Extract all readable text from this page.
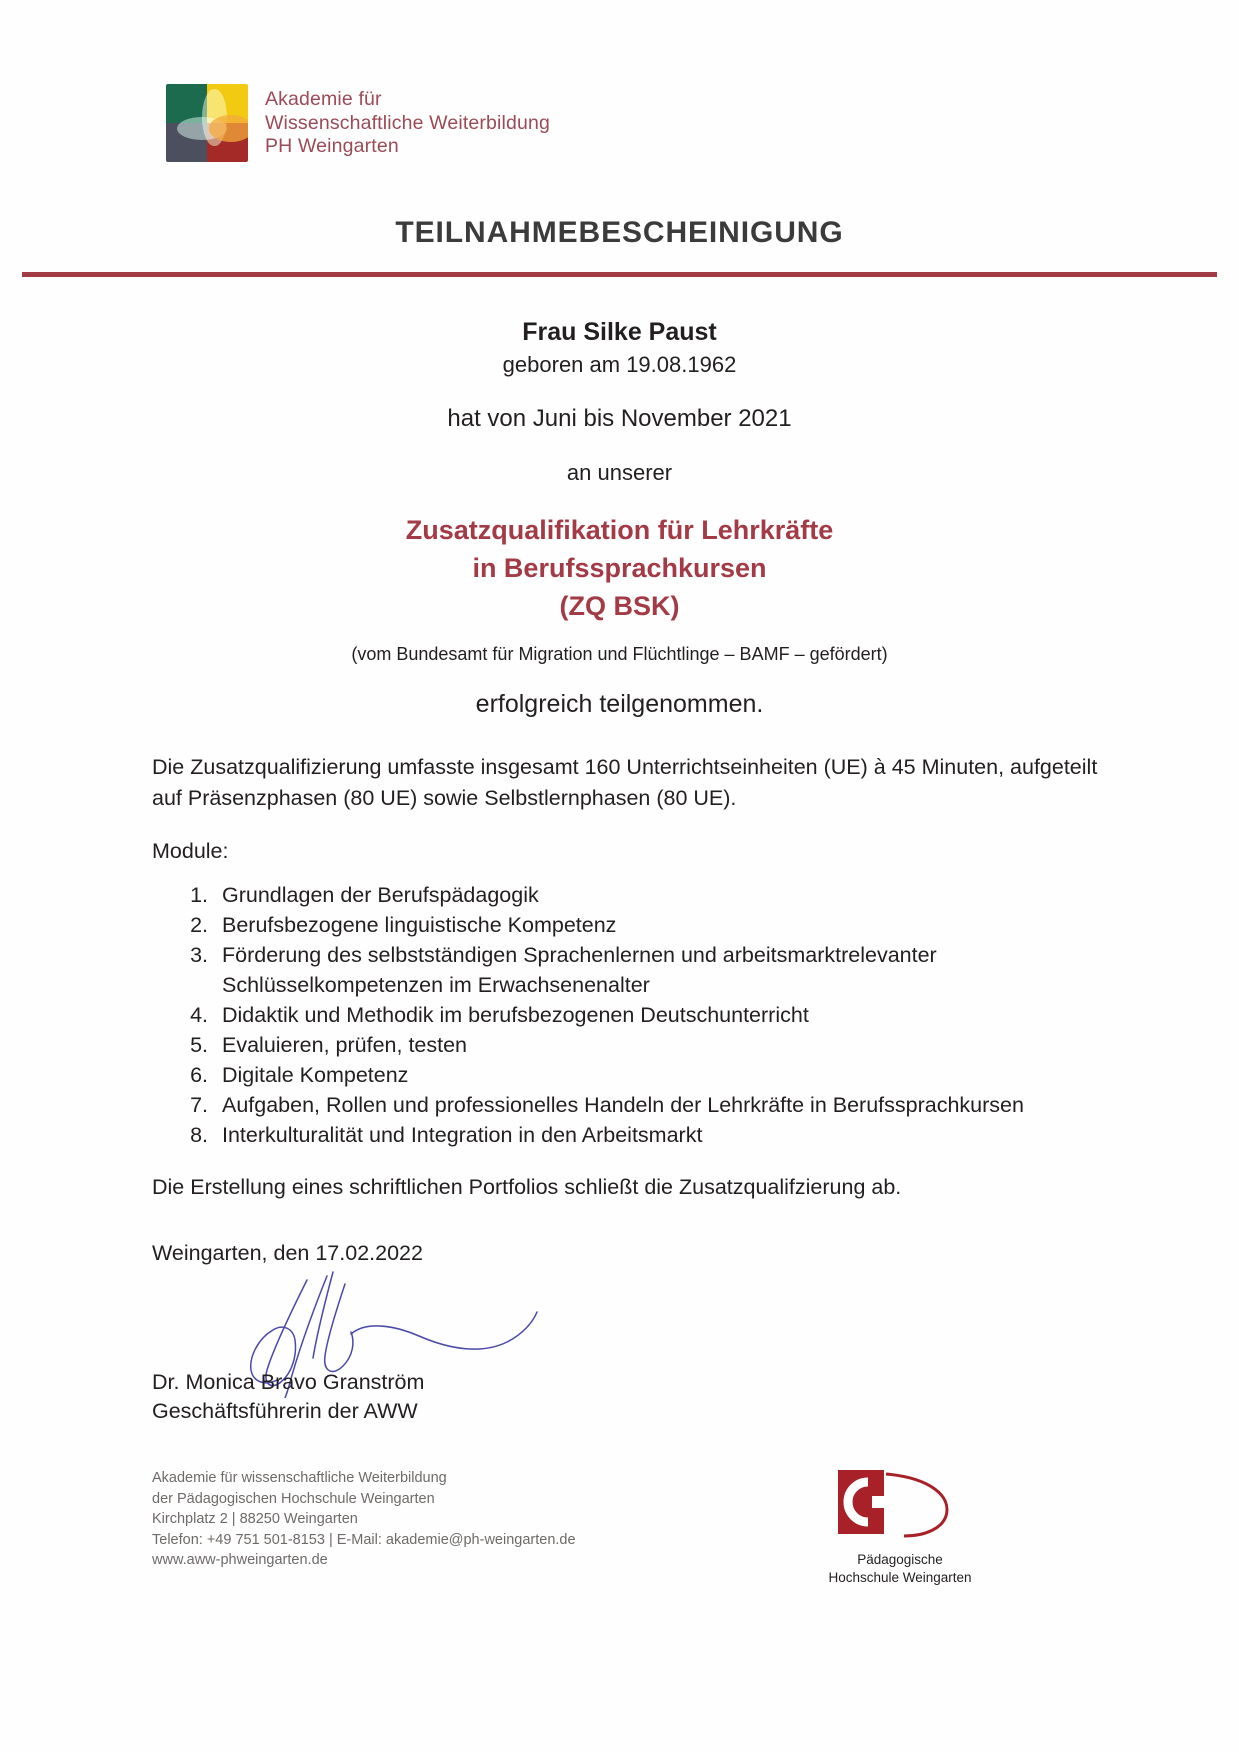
Akademie für
Wissenschaftliche Weiterbildung
PH Weingarten
TEILNAHMEBESCHEINIGUNG
Frau Silke Paust
geboren am 19.08.1962
hat von Juni bis November 2021
an unserer
Zusatzqualifikation für Lehrkräfte
in Berufssprachkursen
(ZQ BSK)
(vom Bundesamt für Migration und Flüchtlinge – BAMF – gefördert)
erfolgreich teilgenommen.

Die Zusatzqualifizierung umfasste insgesamt 160 Unterrichtseinheiten (UE) à 45 Minuten, aufgeteilt auf Präsenzphasen (80 UE) sowie Selbstlernphasen (80 UE).

Module:

1. Grundlagen der Berufspädagogik
2. Berufsbezogene linguistische Kompetenz
3. Förderung des selbstständigen Sprachenlernen und arbeitsmarktrelevanter Schlüsselkompetenzen im Erwachsenenalter
4. Didaktik und Methodik im berufsbezogenen Deutschunterricht
5. Evaluieren, prüfen, testen
6. Digitale Kompetenz
7. Aufgaben, Rollen und professionelles Handeln der Lehrkräfte in Berufssprachkursen
8. Interkulturalität und Integration in den Arbeitsmarkt

Die Erstellung eines schriftlichen Portfolios schließt die Zusatzqualifzierung ab.

Weingarten, den 17.02.2022

Dr. Monica Bravo Granström
Geschäftsführerin der AWW
Akademie für wissenschaftliche Weiterbildung
der Pädagogischen Hochschule Weingarten
Kirchplatz 2 | 88250 Weingarten
Telefon: +49 751 501-8153 | E-Mail: akademie@ph-weingarten.de
www.aww-phweingarten.de	Pädagogische
Hochschule Weingarten
